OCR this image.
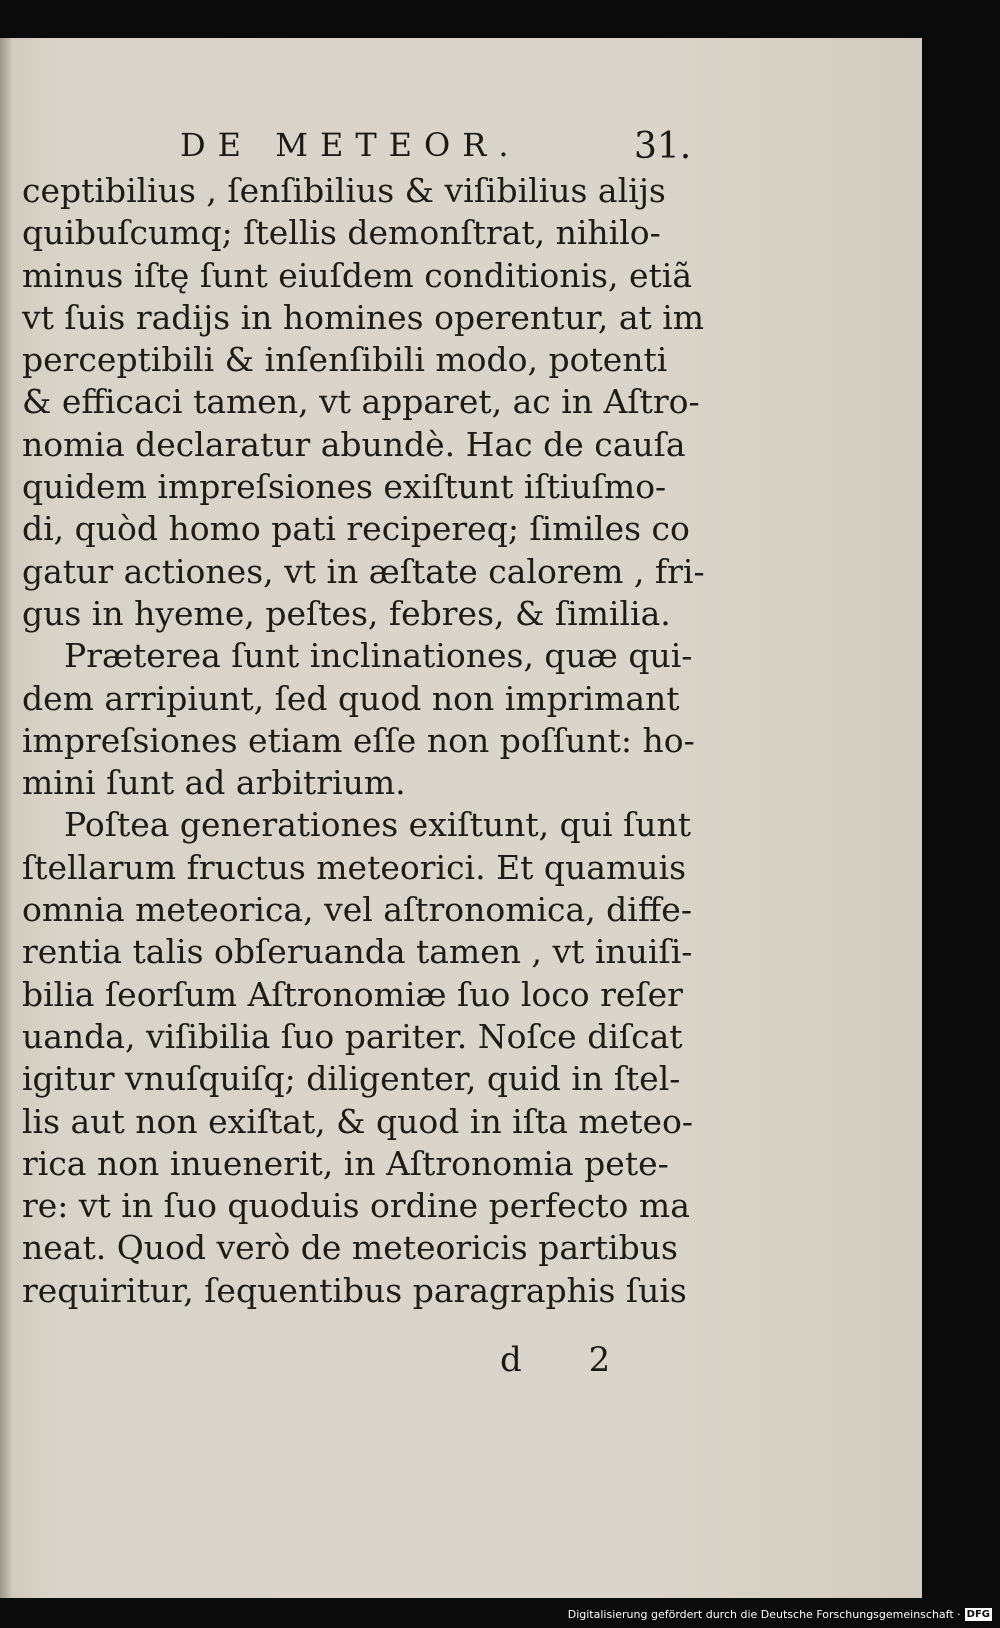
DE METEOR.	31.
ceptibilius , ſenſibilius & viſibilius alijs
quibuſcumq; ſtellis demonſtrat, nihilo-
minus iſtę ſunt eiuſdem conditionis, etiã
vt ſuis radijs in homines operentur, at im
perceptibili & inſenſibili modo, potenti
& efficaci tamen, vt apparet, ac in Aſtro-
nomia declaratur abundè. Hac de cauſa
quidem impreſsiones exiſtunt iſtiuſmo-
di, quòd homo pati recipereq; ſimiles co
gatur actiones, vt in æſtate calorem , fri-
gus in hyeme, peſtes, febres, & ſimilia.
Præterea ſunt inclinationes, quæ qui-
dem arripiunt, ſed quod non imprimant
impreſsiones etiam eſſe non poſſunt: ho-
mini ſunt ad arbitrium.
Poſtea generationes exiſtunt, qui ſunt
ſtellarum fructus meteorici. Et quamuis
omnia meteorica, vel aſtronomica, diffe-
rentia talis obſeruanda tamen , vt inuiſi-
bilia ſeorſum Aſtronomiæ ſuo loco reſer
uanda, viſibilia ſuo pariter. Noſce diſcat
igitur vnuſquiſq; diligenter, quid in ſtel-
lis aut non exiſtat, & quod in iſta meteo-
rica non inuenerit, in Aſtronomia pete-
re: vt in ſuo quoduis ordine perfecto ma
neat. Quod verò de meteoricis partibus
requiritur, ſequentibus paragraphis ſuis
d 2
Digitalisierung gefördert durch die Deutsche Forschungsgemeinschaft · DFG
